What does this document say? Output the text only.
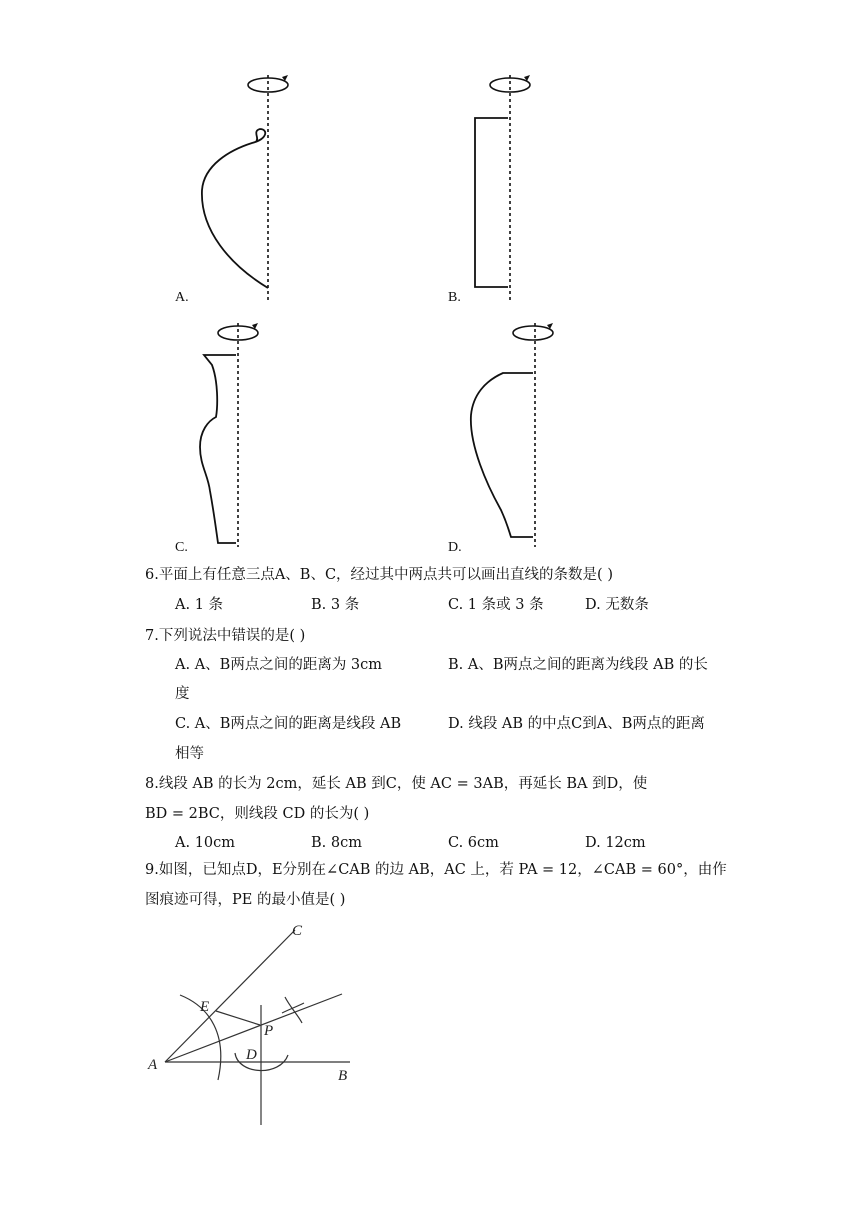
A.	B.
C.	D.
6.平面上有任意三点A、B、C，经过其中两点共可以画出直线的条数是( )
A. 1 条	B. 3 条	C. 1 条或 3 条	D. 无数条
7.下列说法中错误的是( )
A. A、B两点之间的距离为 3cm	B. A、B两点之间的距离为线段 AB 的长
度
C. A、B两点之间的距离是线段 AB	D. 线段 AB 的中点C到A、B两点的距离
相等
8.线段 AB 的长为 2cm，延长 AB 到C，使 AC = 3AB，再延长 BA 到D，使
BD = 2BC，则线段 CD 的长为( )
A. 10cm	B. 8cm	C. 6cm	D. 12cm
9.如图，已知点D，E分别在∠CAB 的边 AB，AC 上，若 PA = 12，∠CAB = 60°，由作
图痕迹可得，PE 的最小值是( )
A
B
C
D
E
P
